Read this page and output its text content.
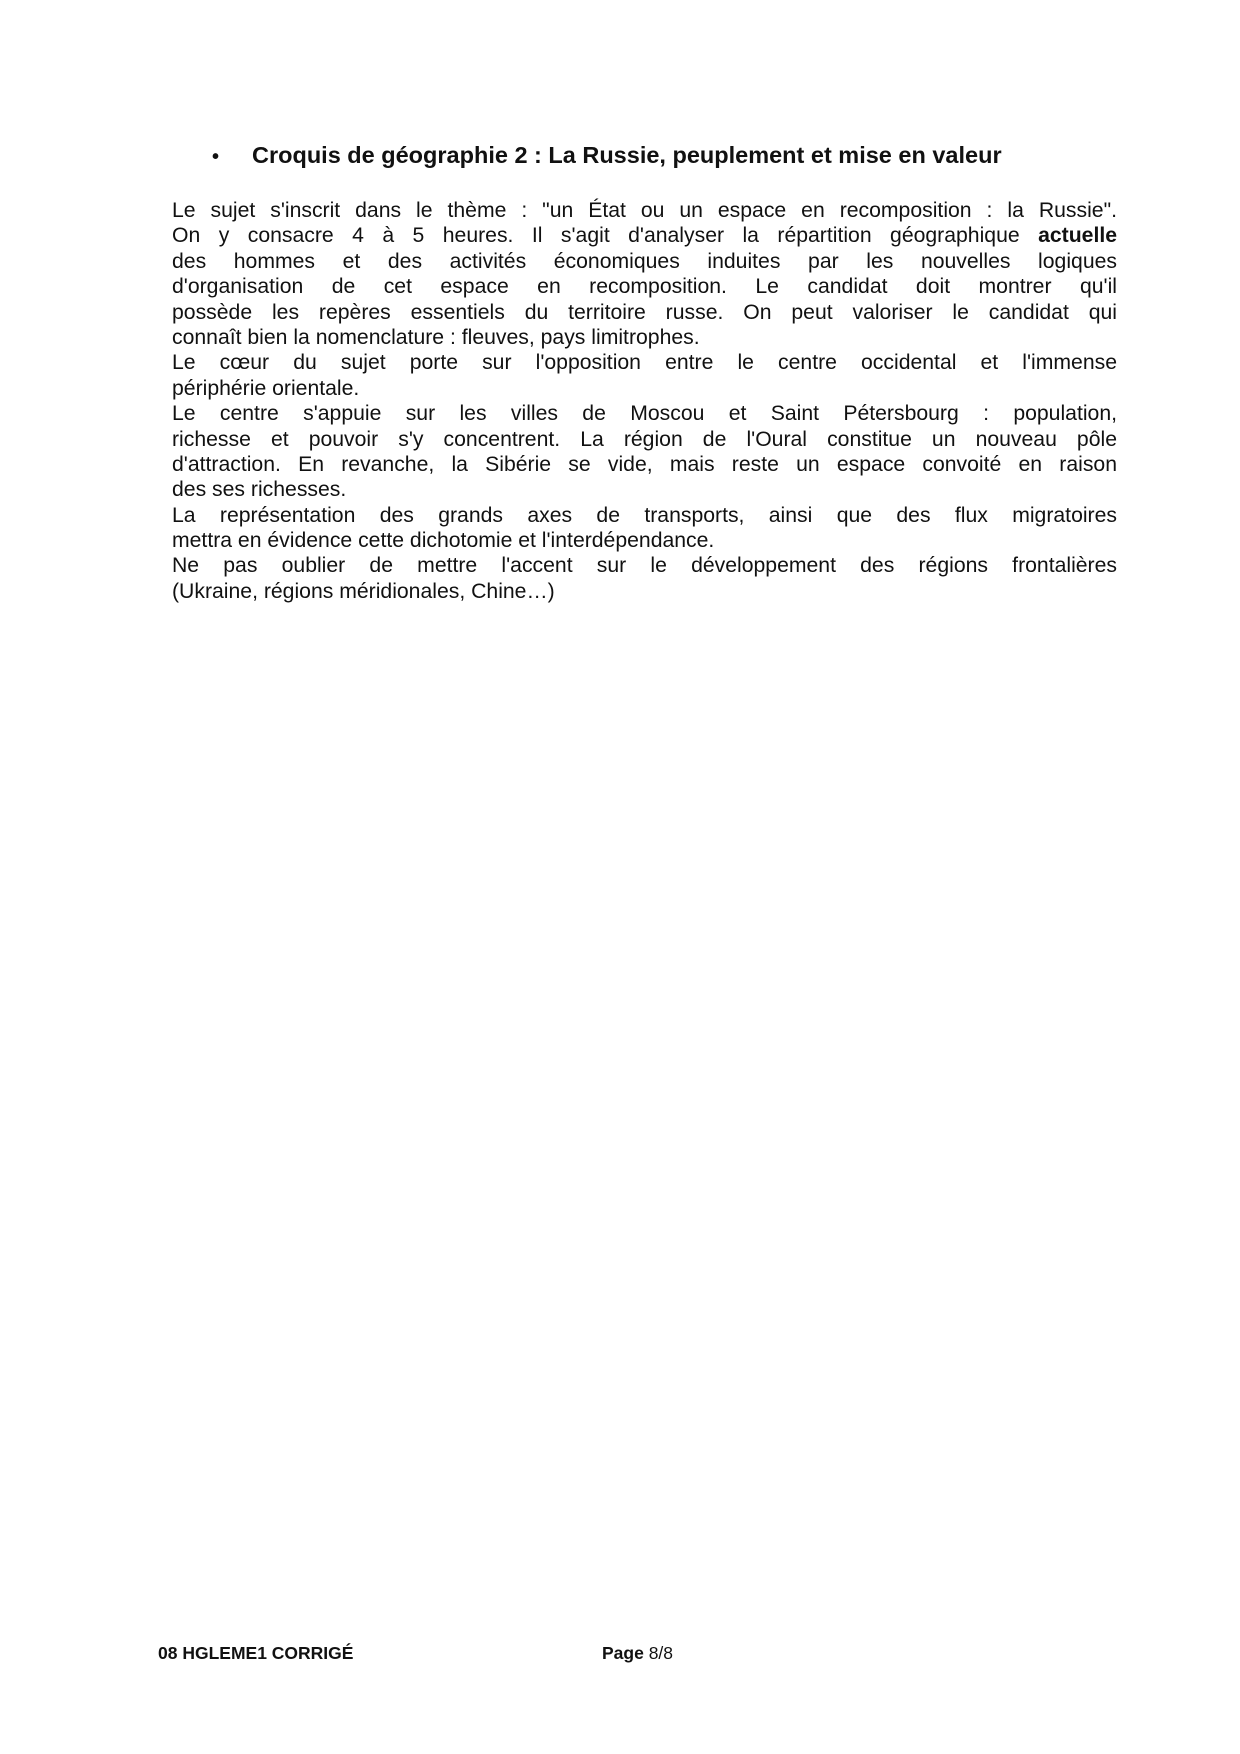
• Croquis de géographie 2 : La Russie, peuplement et mise en valeur
Le sujet s'inscrit dans le thème : "un État ou un espace en recomposition : la Russie".
On y consacre 4 à 5 heures. Il s'agit d'analyser la répartition géographique actuelle
des hommes et des activités économiques induites par les nouvelles logiques
d'organisation de cet espace en recomposition. Le candidat doit montrer qu'il
possède les repères essentiels du territoire russe. On peut valoriser le candidat qui
connaît bien la nomenclature : fleuves, pays limitrophes.
Le cœur du sujet porte sur l'opposition entre le centre occidental et l'immense
périphérie orientale.
Le centre s'appuie sur les villes de Moscou et Saint Pétersbourg : population,
richesse et pouvoir s'y concentrent. La région de l'Oural constitue un nouveau pôle
d'attraction. En revanche, la Sibérie se vide, mais reste un espace convoité en raison
des ses richesses.
La représentation des grands axes de transports, ainsi que des flux migratoires
mettra en évidence cette dichotomie et l'interdépendance.
Ne pas oublier de mettre l'accent sur le développement des régions frontalières
(Ukraine, régions méridionales, Chine…)
08 HGLEME1 CORRIGÉ	Page 8/8
